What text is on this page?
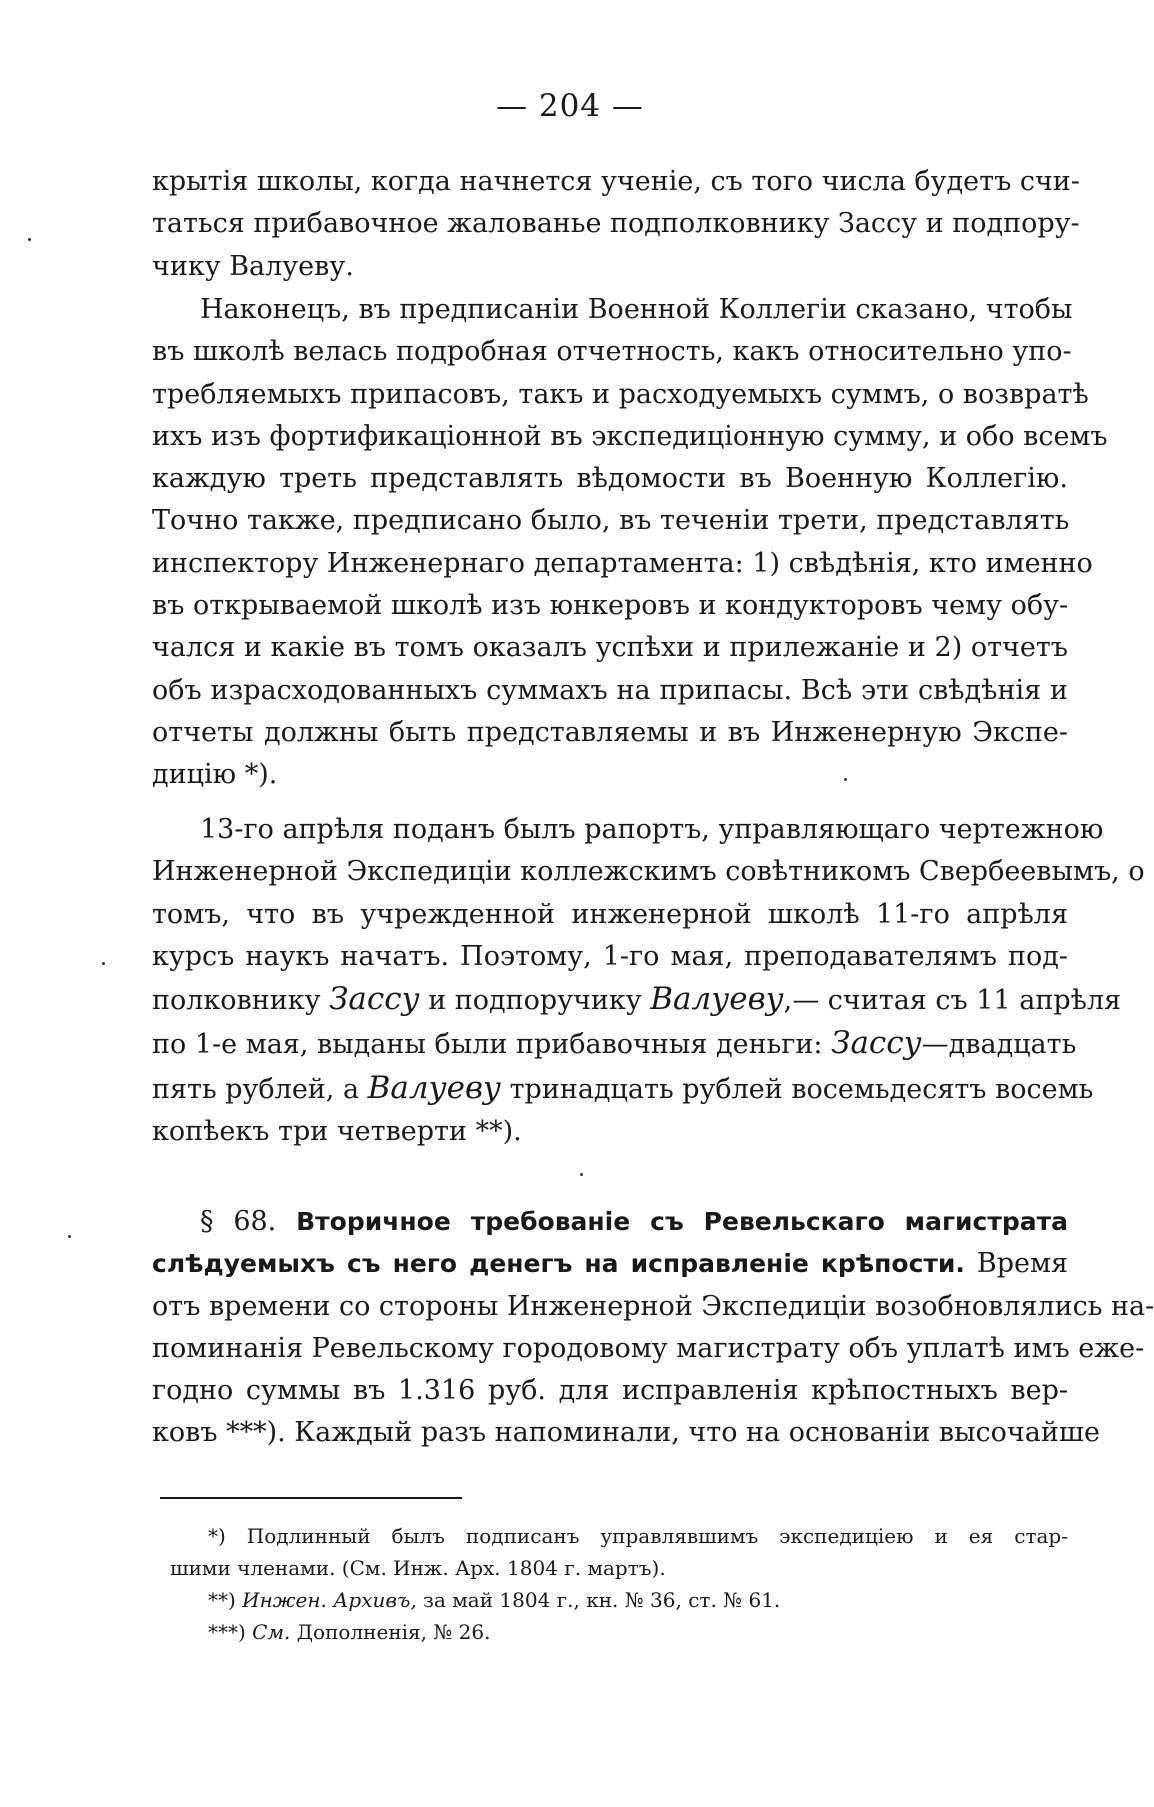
— 204 —
крытія школы, когда начнется ученіе, съ того числа будетъ счи-
таться прибавочное жалованье подполковнику Зассу и подпору-
чику Валуеву.
Наконецъ, въ предписаніи Военной Коллегіи сказано, чтобы
въ школѣ велась подробная отчетность, какъ относительно упо-
требляемыхъ припасовъ, такъ и расходуемыхъ суммъ, о возвратѣ
ихъ изъ фортификаціонной въ экспедиціонную сумму, и обо всемъ
каждую треть представлять вѣдомости въ Военную Коллегію.
Точно также, предписано было, въ теченіи трети, представлять
инспектору Инженернаго департамента: 1) свѣдѣнія, кто именно
въ открываемой школѣ изъ юнкеровъ и кондукторовъ чему обу-
чался и какіе въ томъ оказалъ успѣхи и прилежаніе и 2) отчетъ
объ израсходованныхъ суммахъ на припасы. Всѣ эти свѣдѣнія и
отчеты должны быть представляемы и въ Инженерную Экспе-
дицію *).
13-го апрѣля поданъ былъ рапортъ, управляющаго чертежною
Инженерной Экспедиціи коллежскимъ совѣтникомъ Свербеевымъ, о
томъ, что въ учрежденной инженерной школѣ 11-го апрѣля
курсъ наукъ начатъ. Поэтому, 1-го мая, преподавателямъ под-
полковнику Зассу и подпоручику Валуеву,— считая съ 11 апрѣля
по 1-е мая, выданы были прибавочныя деньги: Зассу—двадцать
пять рублей, а Валуеву тринадцать рублей восемьдесятъ восемь
копѣекъ три четверти **).
§ 68. Вторичное требованіе съ Ревельскаго магистрата
слѣдуемыхъ съ него денегъ на исправленіе крѣпости. Время
отъ времени со стороны Инженерной Экспедиціи возобновлялись на-
поминанія Ревельскому городовому магистрату объ уплатѣ имъ еже-
годно суммы въ 1.316 руб. для исправленія крѣпостныхъ вер-
ковъ ***). Каждый разъ напоминали, что на основаніи высочайше
*) Подлинный былъ подписанъ управлявшимъ экспедиціею и ея стар-
шими членами. (См. Инж. Арх. 1804 г. мартъ).
**) Инжен. Архивъ, за май 1804 г., кн. № 36, ст. № 61.
***) См. Дополненія, № 26.
